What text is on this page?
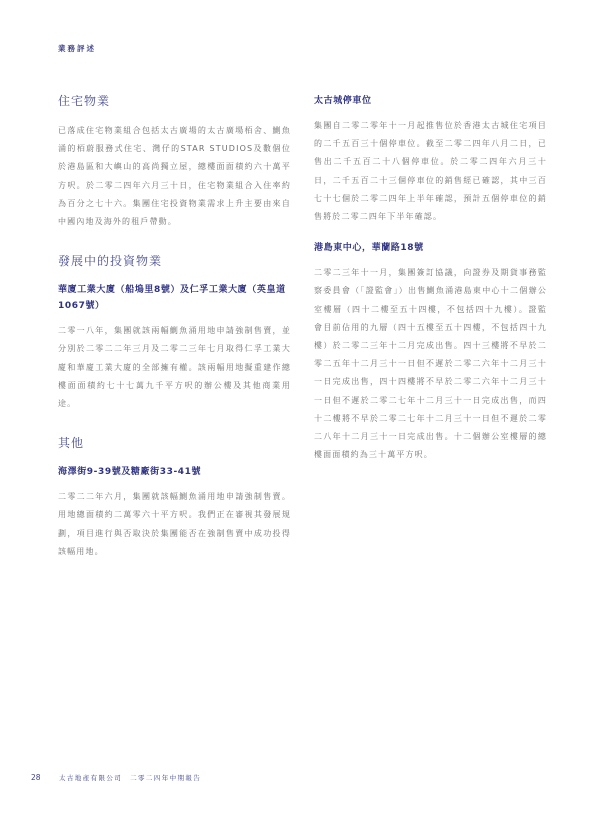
業務評述
住宅物業

已落成住宅物業組合包括太古廣場的太古廣場栢舍、鰂魚涌的栢蔚服務式住宅、灣仔的STAR STUDIOS及數個位於港島區和大嶼山的高尚獨立屋，總樓面面積約六十萬平方呎。於二零二四年六月三十日，住宅物業組合入住率約為百分之七十六。集團住宅投資物業需求上升主要由來自中國內地及海外的租戶帶動。

發展中的投資物業
華廈工業大廈（船塢里8號）及仁孚工業大廈（英皇道1067號）

二零一八年，集團就該兩幅鰂魚涌用地申請強制售賣，並分別於二零二二年三月及二零二三年七月取得仁孚工業大廈和華廈工業大廈的全部擁有權。該兩幅用地擬重建作總樓面面積約七十七萬九千平方呎的辦公樓及其他商業用途。

其他
海澤街9-39號及糖廠街33-41號

二零二二年六月，集團就該幅鰂魚涌用地申請強制售賣。用地總面積約二萬零六十平方呎。我們正在審視其發展規劃，項目進行與否取決於集團能否在強制售賣中成功投得該幅用地。

太古城停車位

集團自二零二零年十一月起推售位於香港太古城住宅項目的二千五百三十個停車位。截至二零二四年八月二日，已售出二千五百二十八個停車位。於二零二四年六月三十日，二千五百二十三個停車位的銷售經已確認，其中三百七十七個於二零二四年上半年確認，預計五個停車位的銷售將於二零二四年下半年確認。

港島東中心，華蘭路18號

二零二三年十一月，集團簽訂協議，向證券及期貨事務監察委員會（「證監會」）出售鰂魚涌港島東中心十二個辦公室樓層（四十二樓至五十四樓，不包括四十九樓）。證監會目前佔用的九層（四十五樓至五十四樓，不包括四十九樓）於二零二三年十二月完成出售。四十三樓將不早於二零二五年十二月三十一日但不遲於二零二六年十二月三十一日完成出售，四十四樓將不早於二零二六年十二月三十一日但不遲於二零二七年十二月三十一日完成出售，而四十二樓將不早於二零二七年十二月三十一日但不遲於二零二八年十二月三十一日完成出售。十二個辦公室樓層的總樓面面積約為三十萬平方呎。

28	太古地產有限公司　二零二四年中期報告
